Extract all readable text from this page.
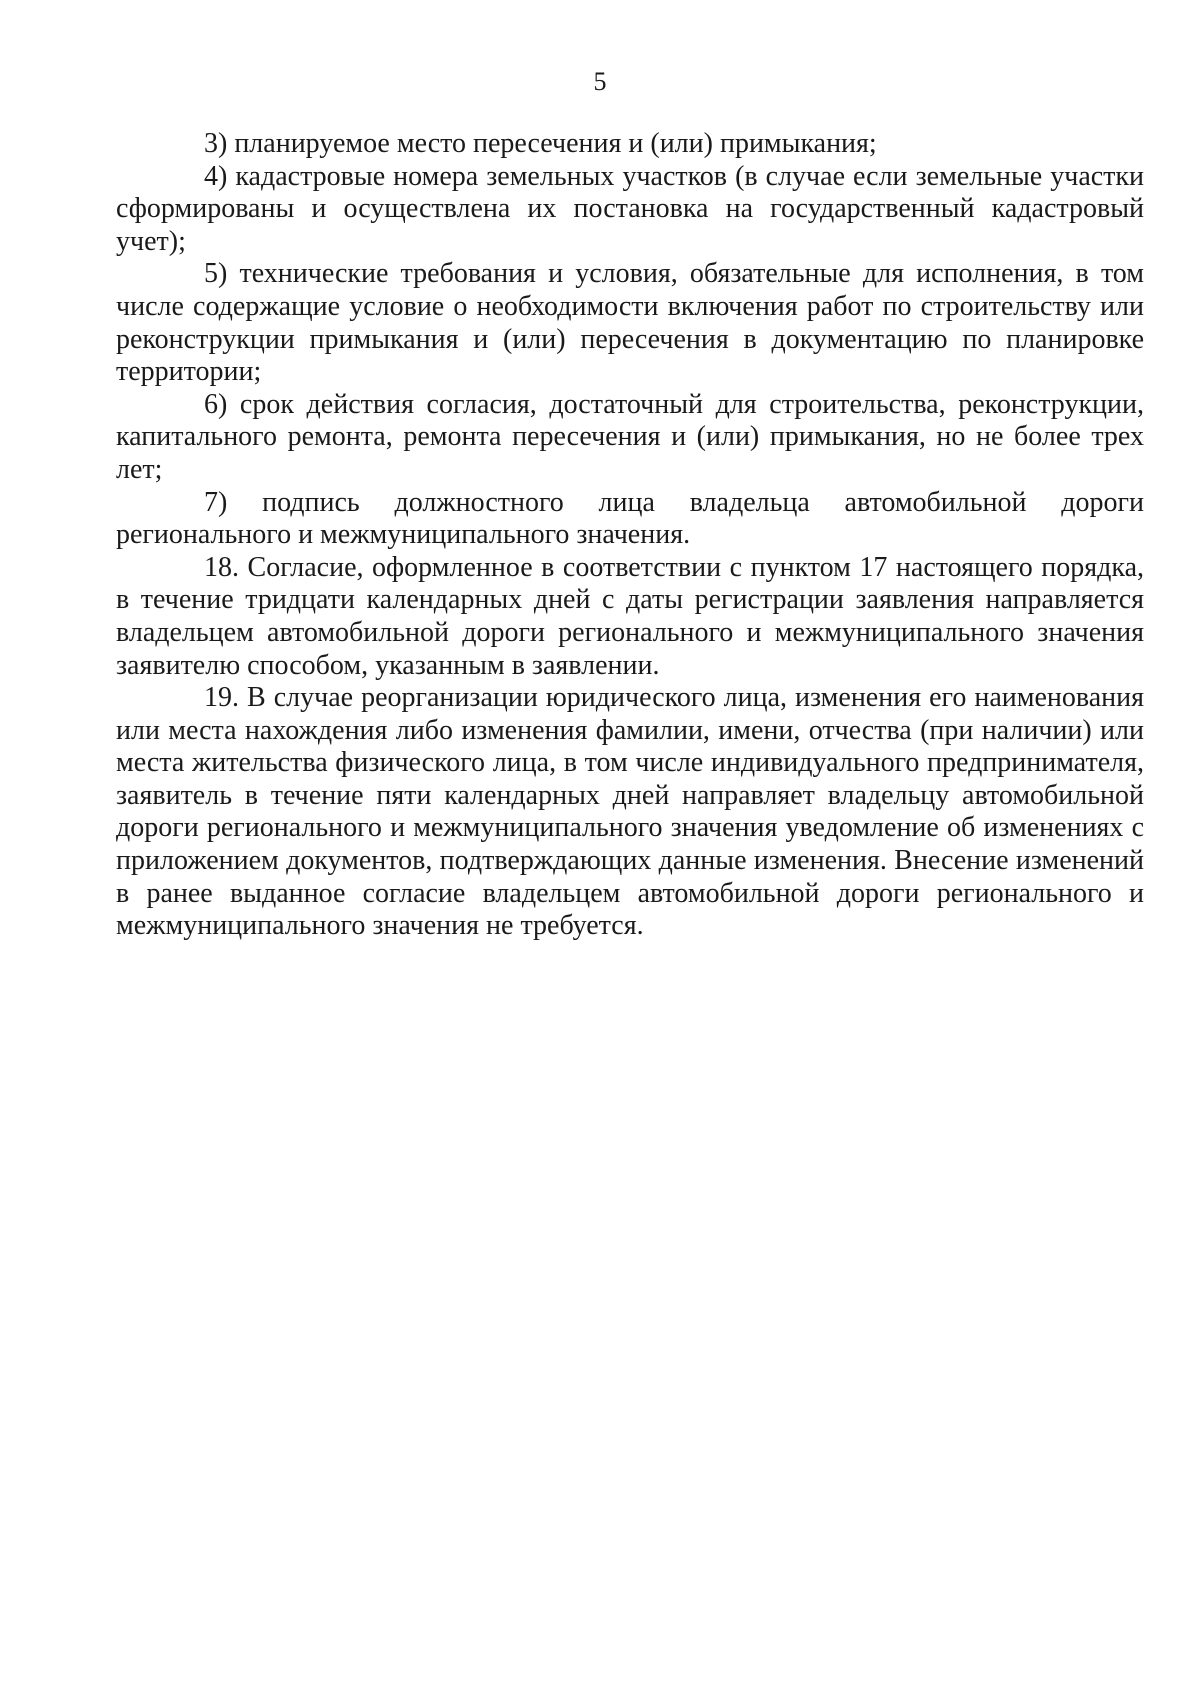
5

3) планируемое место пересечения и (или) примыкания;

4) кадастровые номера земельных участков (в случае если земельные участки сформированы и осуществлена их постановка на государственный кадастровый учет);

5) технические требования и условия, обязательные для исполнения, в том числе содержащие условие о необходимости включения работ по строительству или реконструкции примыкания и (или) пересечения в документацию по планировке территории;

6) срок действия согласия, достаточный для строительства, реконструкции, капитального ремонта, ремонта пересечения и (или) примыкания, но не более трех лет;

7) подпись должностного лица владельца автомобильной дороги регионального и межмуниципального значения.

18. Согласие, оформленное в соответствии с пунктом 17 настоящего порядка, в течение тридцати календарных дней с даты регистрации заявления направляется владельцем автомобильной дороги регионального и межмуниципального значения заявителю способом, указанным в заявлении.

19. В случае реорганизации юридического лица, изменения его наименования или места нахождения либо изменения фамилии, имени, отчества (при наличии) или места жительства физического лица, в том числе индивидуального предпринимателя, заявитель в течение пяти календарных дней направляет владельцу автомобильной дороги регионального и межмуниципального значения уведомление об изменениях с приложением документов, подтверждающих данные изменения. Внесение изменений в ранее выданное согласие владельцем автомобильной дороги регионального и межмуниципального значения не требуется.
